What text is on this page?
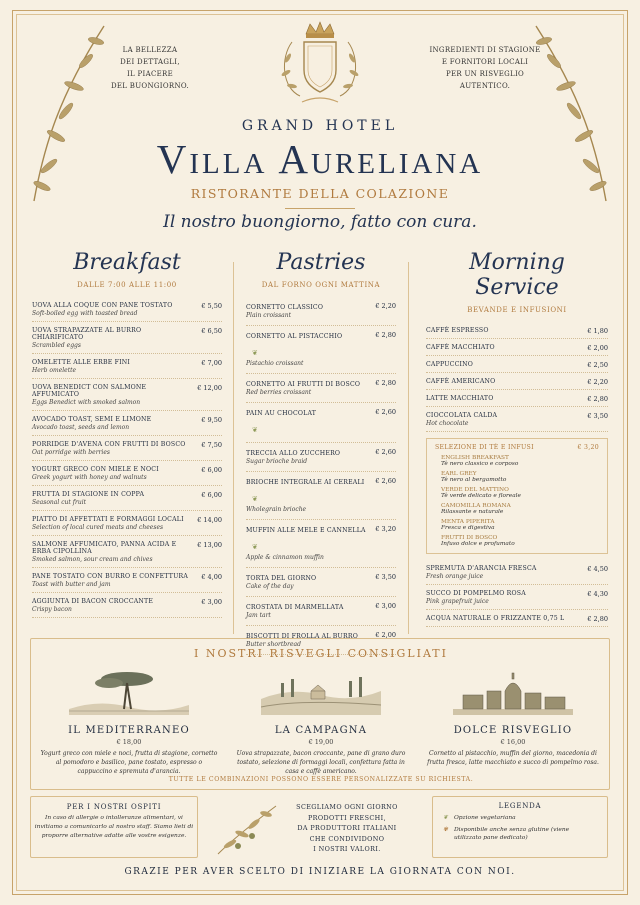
LA BELLEZZA
DEI DETTAGLI,
IL PIACERE
DEL BUONGIORNO.
INGREDIENTI DI STAGIONE
E FORNITORI LOCALI
PER UN RISVEGLIO
AUTENTICO.
GRAND HOTEL
Villa Aureliana
RISTORANTE DELLA COLAZIONE
Il nostro buongiorno, fatto con cura.
Breakfast
DALLE 7:00 ALLE 11:00
UOVA ALLA COQUE CON PANE TOSTATO
Soft-boiled egg with toasted bread
€ 5,50
UOVA STRAPAZZATE AL BURRO CHIARIFICATO
Scrambled eggs
€ 6,50
OMELETTE ALLE ERBE FINI
Herb omelette
€ 7,00
UOVA BENEDICT CON SALMONE AFFUMICATO
Eggs Benedict with smoked salmon
€ 12,00
AVOCADO TOAST, SEMI E LIMONE
Avocado toast, seeds and lemon
€ 9,50
PORRIDGE D'AVENA CON FRUTTI DI BOSCO
Oat porridge with berries
€ 7,50
YOGURT GRECO CON MIELE E NOCI
Greek yogurt with honey and walnuts
€ 6,00
FRUTTA DI STAGIONE IN COPPA
Seasonal cut fruit
€ 6,00
PIATTO DI AFFETTATI E FORMAGGI LOCALI
Selection of local cured meats and cheeses
€ 14,00
SALMONE AFFUMICATO, PANNA ACIDA E ERBA CIPOLLINA
Smoked salmon, sour cream and chives
€ 13,00
PANE TOSTATO CON BURRO E CONFETTURA
Toast with butter and jam
€ 4,00
AGGIUNTA DI BACON CROCCANTE
Crispy bacon
€ 3,00
Pastries
DAL FORNO OGNI MATTINA
CORNETTO CLASSICO
Plain croissant
€ 2,20
CORNETTO AL PISTACCHIO
❦
Pistachio croissant
€ 2,80
CORNETTO AI FRUTTI DI BOSCO
Red berries croissant
€ 2,80
PAIN AU CHOCOLAT
❦
€ 2,60
TRECCIA ALLO ZUCCHERO
Sugar brioche braid
€ 2,60
BRIOCHE INTEGRALE AI CEREALI
❦
Wholegrain brioche
€ 2,60
MUFFIN ALLE MELE E CANNELLA
❦
Apple & cinnamon muffin
€ 3,20
TORTA DEL GIORNO
Cake of the day
€ 3,50
CROSTATA DI MARMELLATA
Jam tart
€ 3,00
BISCOTTI DI FROLLA AL BURRO
Butter shortbread
€ 2,00
Morning Service
BEVANDE E INFUSIONI
CAFFÈ ESPRESSO	€ 1,80
CAFFÈ MACCHIATO	€ 2,00
CAPPUCCINO	€ 2,50
CAFFÈ AMERICANO	€ 2,20
LATTE MACCHIATO	€ 2,80
CIOCCOLATA CALDA
Hot chocolate
€ 3,50
SELEZIONE DI TÈ E INFUSI	€ 3,20
ENGLISH BREAKFAST
Tè nero classico e corposo
EARL GREY
Tè nero al bergamotto
VERDE DEL MATTINO
Tè verde delicato e floreale
CAMOMILLA ROMANA
Rilassante e naturale
MENTA PIPERITA
Fresca e digestiva
FRUTTI DI BOSCO
Infuso dolce e profumato
SPREMUTA D'ARANCIA FRESCA
Fresh orange juice
€ 4,50
SUCCO DI POMPELMO ROSA
Pink grapefruit juice
€ 4,30
ACQUA NATURALE O FRIZZANTE 0,75 L	€ 2,80
I NOSTRI RISVEGLI CONSIGLIATI
IL MEDITERRANEO
€ 18,00
Yogurt greco con miele e noci, frutta di stagione, cornetto al pomodoro e basilico, pane tostato, espresso o cappuccino e spremuta d'arancia.
LA CAMPAGNA
€ 19,00
Uova strapazzate, bacon croccante, pane di grano duro tostato, selezione di formaggi locali, confettura fatta in casa e caffè americano.
DOLCE RISVEGLIO
€ 16,00
Cornetto al pistacchio, muffin del giorno, macedonia di frutta fresca, latte macchiato e succo di pompelmo rosa.
TUTTE LE COMBINAZIONI POSSONO ESSERE PERSONALIZZATE SU RICHIESTA.
PER I NOSTRI OSPITI
In caso di allergie o intolleranze alimentari, vi invitiamo a comunicarlo al nostro staff. Siamo lieti di proporre alternative adatte alle vostre esigenze.
SCEGLIAMO OGNI GIORNO
PRODOTTI FRESCHI,
DA PRODUTTORI ITALIANI
CHE CONDIVIDONO
I NOSTRI VALORI.
LEGENDA
❦ Opzione vegetariana
✾ Disponibile anche senza glutine (viene utilizzato pane dedicato)
GRAZIE PER AVER SCELTO DI INIZIARE LA GIORNATA CON NOI.
